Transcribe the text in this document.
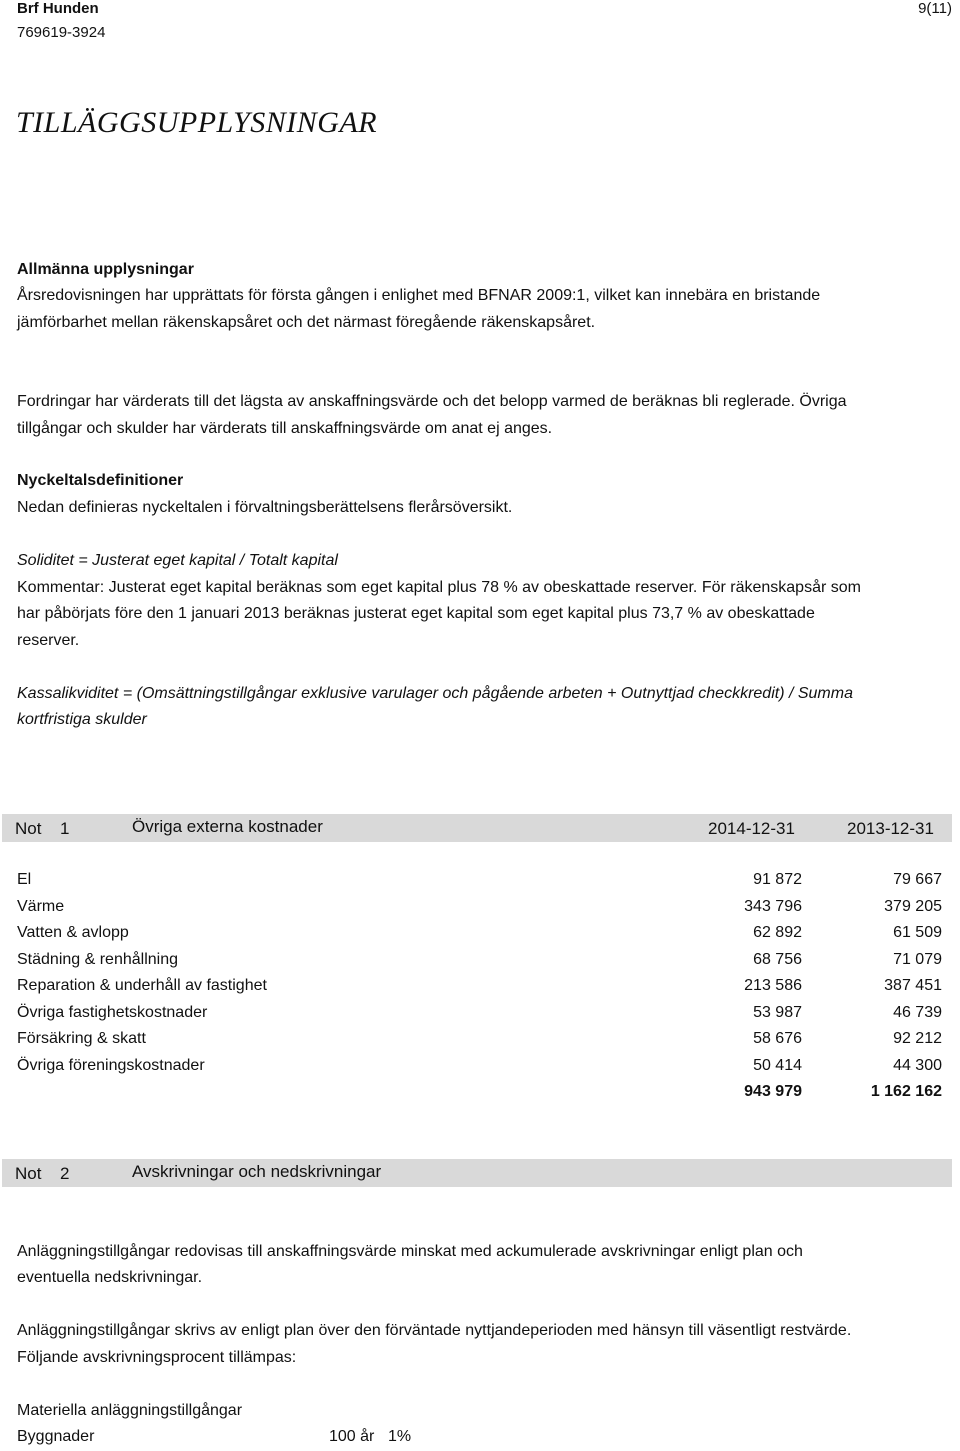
Brf Hunden
769619-3924
9(11)
TILLÄGGSUPPLYSNINGAR
Allmänna upplysningar
Årsredovisningen har upprättats för första gången i enlighet med BFNAR 2009:1, vilket kan innebära en bristande
jämförbarhet mellan räkenskapsåret och det närmast föregående räkenskapsåret.
Fordringar har värderats till det lägsta av anskaffningsvärde och det belopp varmed de beräknas bli reglerade. Övriga
tillgångar och skulder har värderats till anskaffningsvärde om anat ej anges.
Nyckeltalsdefinitioner
Nedan definieras nyckeltalen i förvaltningsberättelsens flerårsöversikt.
Soliditet = Justerat eget kapital / Totalt kapital
Kommentar: Justerat eget kapital beräknas som eget kapital plus 78 % av obeskattade reserver. För räkenskapsår som
har påbörjats före den 1 januari 2013 beräknas justerat eget kapital som eget kapital plus 73,7 % av obeskattade
reserver.
Kassalikviditet = (Omsättningstillgångar exklusive varulager och pågående arbeten + Outnyttjad checkkredit) / Summa
kortfristiga skulder
Not 1	Övriga externa kostnader	2014-12-31	2013-12-31
El	91 872	79 667
Värme	343 796	379 205
Vatten & avlopp	62 892	61 509
Städning & renhållning	68 756	71 079
Reparation & underhåll av fastighet	213 586	387 451
Övriga fastighetskostnader	53 987	46 739
Försäkring & skatt	58 676	92 212
Övriga föreningskostnader	50 414	44 300
943 979	1 162 162
Not 2	Avskrivningar och nedskrivningar
Anläggningstillgångar redovisas till anskaffningsvärde minskat med ackumulerade avskrivningar enligt plan och
eventuella nedskrivningar.
Anläggningstillgångar skrivs av enligt plan över den förväntade nyttjandeperioden med hänsyn till väsentligt restvärde.
Följande avskrivningsprocent tillämpas:
Materiella anläggningstillgångar
Byggnader	100 år 1%
